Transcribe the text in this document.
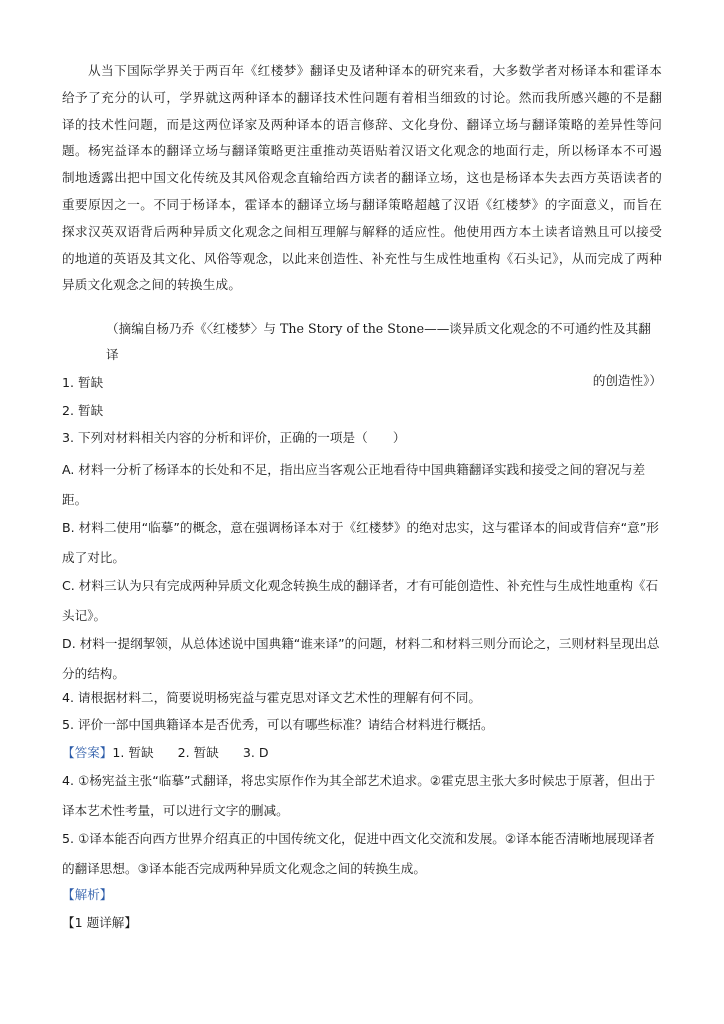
从当下国际学界关于两百年《红楼梦》翻译史及诸种译本的研究来看，大多数学者对杨译本和霍译本给予了充分的认可，学界就这两种译本的翻译技术性问题有着相当细致的讨论。然而我所感兴趣的不是翻译的技术性问题，而是这两位译家及两种译本的语言修辞、文化身份、翻译立场与翻译策略的差异性等问题。杨宪益译本的翻译立场与翻译策略更注重推动英语贴着汉语文化观念的地面行走，所以杨译本不可遏制地透露出把中国文化传统及其风俗观念直输给西方读者的翻译立场，这也是杨译本失去西方英语读者的重要原因之一。不同于杨译本，霍译本的翻译立场与翻译策略超越了汉语《红楼梦》的字面意义，而旨在探求汉英双语背后两种异质文化观念之间相互理解与解释的适应性。他使用西方本土读者谙熟且可以接受的地道的英语及其文化、风俗等观念，以此来创造性、补充性与生成性地重构《石头记》，从而完成了两种异质文化观念之间的转换生成。
（摘编自杨乃乔《〈红楼梦〉与 The Story of the Stone——谈异质文化观念的不可通约性及其翻译
的创造性》）
1. 暂缺
2. 暂缺
3. 下列对材料相关内容的分析和评价，正确的一项是（　　）
A. 材料一分析了杨译本的长处和不足，指出应当客观公正地看待中国典籍翻译实践和接受之间的窘况与差距。
B. 材料二使用“临摹”的概念，意在强调杨译本对于《红楼梦》的绝对忠实，这与霍译本的间或背信弃“意”形成了对比。
C. 材料三认为只有完成两种异质文化观念转换生成的翻译者，才有可能创造性、补充性与生成性地重构《石头记》。
D. 材料一提纲挈领，从总体述说中国典籍“谁来译”的问题，材料二和材料三则分而论之，三则材料呈现出总分的结构。
4. 请根据材料二，简要说明杨宪益与霍克思对译文艺术性的理解有何不同。
5. 评价一部中国典籍译本是否优秀，可以有哪些标准？请结合材料进行概括。
【答案】1. 暂缺 2. 暂缺 3. D
4. ①杨宪益主张“临摹”式翻译，将忠实原作作为其全部艺术追求。②霍克思主张大多时候忠于原著，但出于译本艺术性考量，可以进行文字的删减。
5. ①译本能否向西方世界介绍真正的中国传统文化，促进中西文化交流和发展。②译本能否清晰地展现译者的翻译思想。③译本能否完成两种异质文化观念之间的转换生成。
【解析】
【1 题详解】
